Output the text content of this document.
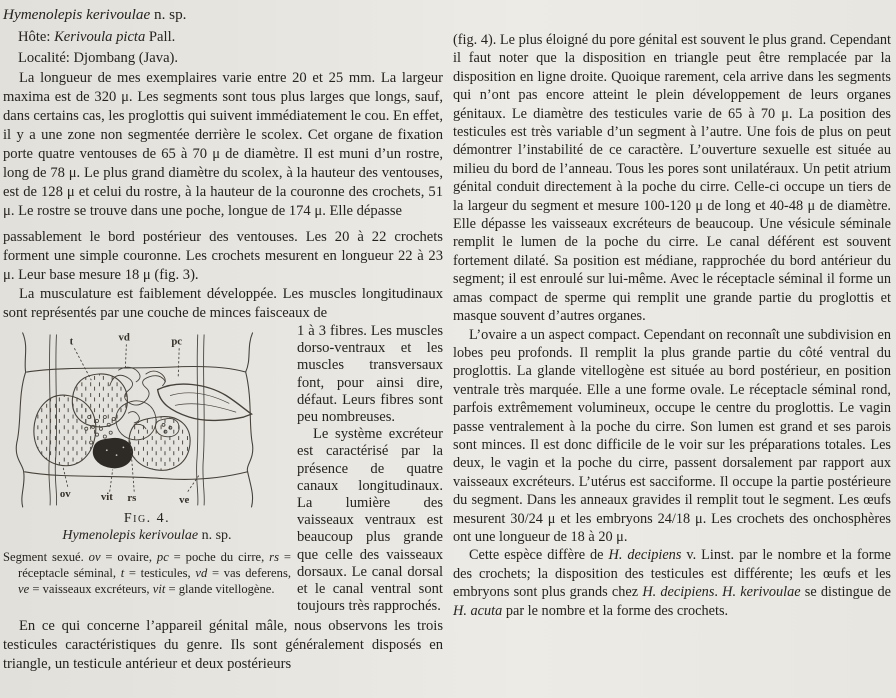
Hymenolepis kerivoulae n. sp.
Hôte: Kerivoula picta Pall.
Localité: Djombang (Java).

La longueur de mes exemplaires varie entre 20 et 25 mm. La largeur maxima est de 320 μ. Les segments sont tous plus larges que longs, sauf, dans certains cas, les proglottis qui suivent immédiatement le cou. En effet, il y a une zone non segmentée derrière le scolex. Cet organe de fixation porte quatre ventouses de 65 à 70 μ de diamètre. Il est muni d’un rostre, long de 78 μ. Le plus grand diamètre du scolex, à la hauteur des ventouses, est de 128 μ et celui du rostre, à la hauteur de la couronne des crochets, 51 μ. Le rostre se trouve dans une poche, longue de 174 μ. Elle dépasse

passablement le bord postérieur des ventouses. Les 20 à 22 crochets forment une simple couronne. Les crochets mesurent en longueur 22 à 23 μ. Leur base mesure 18 μ (fig. 3).

La musculature est faiblement développée. Les muscles longitudinaux sont représentés par une couche de minces faisceaux de

t	vd	pc
ov	vit rs	ve
Fig. 4.
Hymenolepis kerivoulae n. sp.
Segment sexué. ov = ovaire, pc = poche du cirre, rs = réceptacle séminal, t = testicules, vd = vas deferens, ve = vaisseaux excréteurs, vit = glande vitellogène.

1 à 3 fibres. Les muscles dorso-ventraux et les muscles transversaux font, pour ainsi dire, défaut. Leurs fibres sont peu nombreuses.

Le système excréteur est caractérisé par la présence de quatre canaux longitudinaux. La lumière des vaisseaux ventraux est beaucoup plus grande que celle des vaisseaux dorsaux. Le canal dorsal et le canal ventral sont toujours très rapprochés.

En ce qui concerne l’appareil génital mâle, nous observons les trois testicules caractéristiques du genre. Ils sont généralement disposés en triangle, un testicule antérieur et deux postérieurs

(fig. 4). Le plus éloigné du pore génital est souvent le plus grand. Cependant il faut noter que la disposition en triangle peut être remplacée par la disposition en ligne droite. Quoique rarement, cela arrive dans les segments qui n’ont pas encore atteint le plein développement de leurs organes génitaux. Le diamètre des testicules varie de 65 à 70 μ. La position des testicules est très variable d’un segment à l’autre. Une fois de plus on peut démontrer l’instabilité de ce caractère. L’ouverture sexuelle est située au milieu du bord de l’anneau. Tous les pores sont unilatéraux. Un petit atrium génital conduit directement à la poche du cirre. Celle-ci occupe un tiers de la largeur du segment et mesure 100-120 μ de long et 40-48 μ de diamètre. Elle dépasse les vaisseaux excréteurs de beaucoup. Une vésicule séminale remplit le lumen de la poche du cirre. Le canal déférent est souvent fortement dilaté. Sa position est médiane, rapprochée du bord antérieur du segment; il est enroulé sur lui-même. Avec le réceptacle séminal il forme un amas compact de sperme qui remplit une grande partie du proglottis et masque souvent d’autres organes.

L’ovaire a un aspect compact. Cependant on reconnaît une subdivision en lobes peu profonds. Il remplit la plus grande partie du côté ventral du proglottis. La glande vitellogène est située au bord postérieur, en position ventrale très marquée. Elle a une forme ovale. Le réceptacle séminal rond, parfois extrêmement volumineux, occupe le centre du proglottis. Le vagin passe ventralement à la poche du cirre. Son lumen est grand et ses parois sont minces. Il est donc difficile de le voir sur les préparations totales. Les deux, le vagin et la poche du cirre, passent dorsalement par rapport aux vaisseaux excréteurs. L’utérus est sacciforme. Il occupe la partie postérieure du segment. Dans les anneaux gravides il remplit tout le segment. Les œufs mesurent 30/24 μ et les embryons 24/18 μ. Les crochets des onchosphères ont une longueur de 18 à 20 μ.

Cette espèce diffère de H. decipiens v. Linst. par le nombre et la forme des crochets; la disposition des testicules est différente; les œufs et les embryons sont plus grands chez H. decipiens. H. kerivoulae se distingue de H. acuta par le nombre et la forme des crochets.
